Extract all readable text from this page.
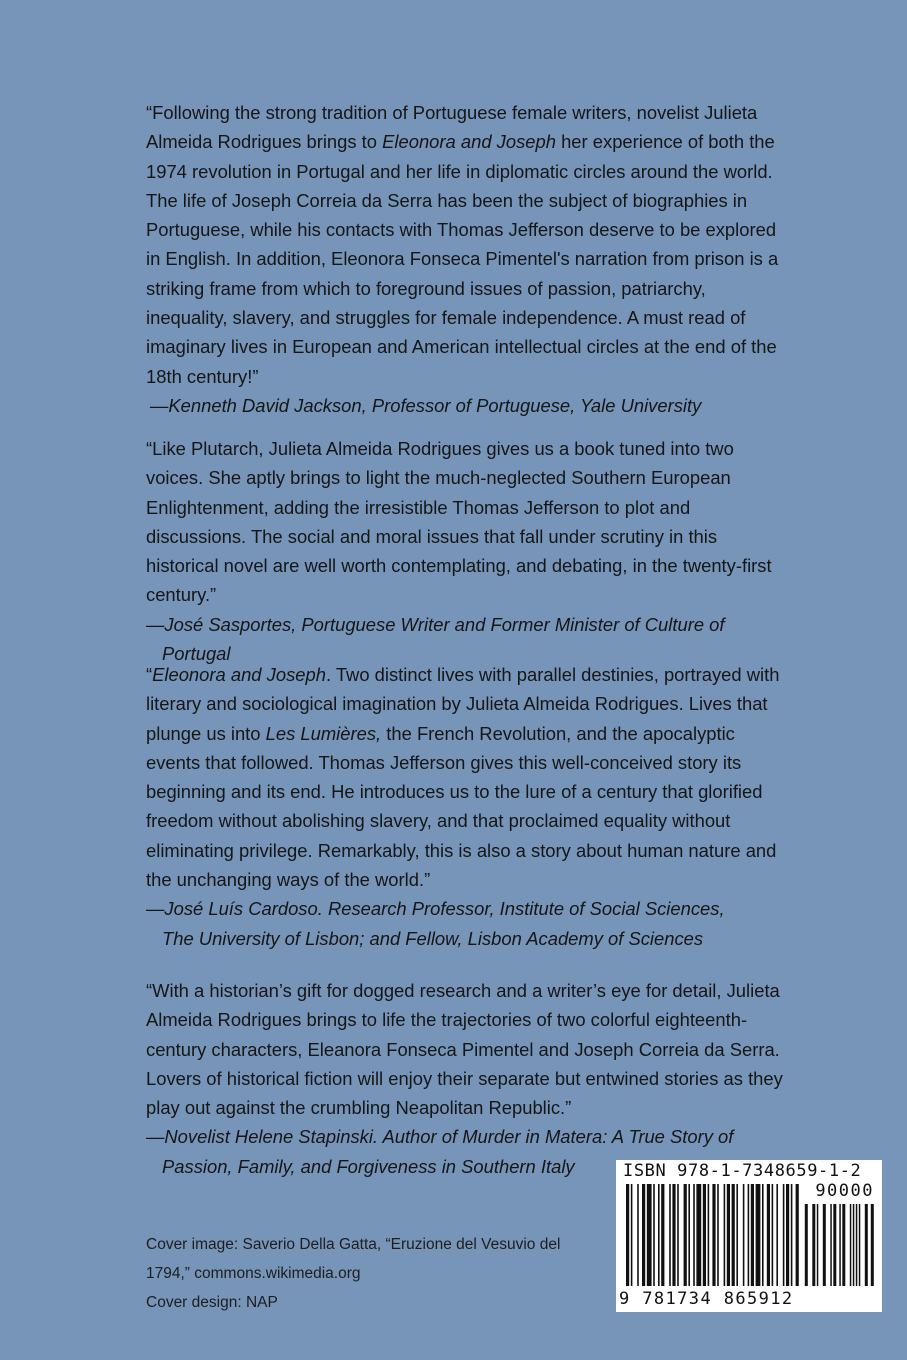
“Following the strong tradition of Portuguese female writers, novelist Julieta Almeida Rodrigues brings to Eleonora and Joseph her experience of both the 1974 revolution in Portugal and her life in diplomatic circles around the world. The life of Joseph Correia da Serra has been the subject of biographies in Portuguese, while his contacts with Thomas Jefferson deserve to be explored in English. In addition, Eleonora Fonseca Pimentel's narration from prison is a striking frame from which to foreground issues of passion, patriarchy, inequality, slavery, and struggles for female independence. A must read of imaginary lives in European and American intellectual circles at the end of the 18th century!”

—Kenneth David Jackson, Professor of Portuguese, Yale University

“Like Plutarch, Julieta Almeida Rodrigues gives us a book tuned into two voices. She aptly brings to light the much-neglected Southern European Enlightenment, adding the irresistible Thomas Jefferson to plot and discussions. The social and moral issues that fall under scrutiny in this historical novel are well worth contemplating, and debating, in the twenty-first century.”

—José Sasportes, Portuguese Writer and Former Minister of Culture of
Portugal

“Eleonora and Joseph. Two distinct lives with parallel destinies, portrayed with literary and sociological imagination by Julieta Almeida Rodrigues. Lives that plunge us into Les Lumières, the French Revolution, and the apocalyptic events that followed. Thomas Jefferson gives this well-conceived story its beginning and its end. He introduces us to the lure of a century that glorified freedom without abolishing slavery, and that proclaimed equality without eliminating privilege. Remarkably, this is also a story about human nature and the unchanging ways of the world.”

—José Luís Cardoso. Research Professor, Institute of Social Sciences,
The University of Lisbon; and Fellow, Lisbon Academy of Sciences

“With a historian’s gift for dogged research and a writer’s eye for detail, Julieta Almeida Rodrigues brings to life the trajectories of two colorful eighteenth-century characters, Eleanora Fonseca Pimentel and Joseph Correia da Serra. Lovers of historical fiction will enjoy their separate but entwined stories as they play out against the crumbling Neapolitan Republic.”

—Novelist Helene Stapinski. Author of Murder in Matera: A True Story of
Passion, Family, and Forgiveness in Southern Italy

Cover image: Saverio Della Gatta, “Eruzione del Vesuvio del 1794,” commons.wikimedia.org

Cover design: NAP

ISBN 978-1-7348659-1-2
90000
9 781734 865912
